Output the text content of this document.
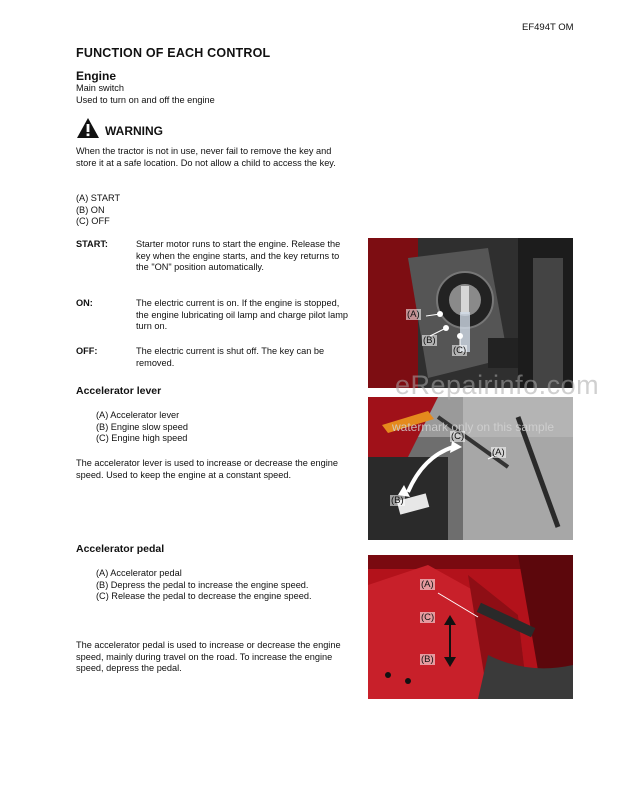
EF494T OM
FUNCTION OF EACH CONTROL
Engine
Main switch
Used to turn on and off the engine
WARNING
When the tractor is not in use, never fail to remove the key and store it at a safe location. Do not allow a child to access the key.
(A) START
(B) ON
(C) OFF
START:	Starter motor runs to start the engine. Release the key when the engine starts, and the key returns to the "ON" position automatically.
ON:	The electric current is on. If the engine is stopped, the engine lubricating oil lamp and charge pilot lamp turn on.
OFF:	The electric current is shut off. The key can be removed.
Accelerator lever
(A) Accelerator lever
(B) Engine slow speed
(C) Engine high speed
The accelerator lever is used to increase or decrease the engine speed. Used to keep the engine at a constant speed.
Accelerator pedal
(A) Accelerator pedal
(B) Depress the pedal to increase the engine speed.
(C) Release the pedal to decrease the engine speed.
The accelerator pedal is used to increase or decrease the engine speed, mainly during travel on the road. To increase the engine speed, depress the pedal.
(A)
(B)
(C)
(C)
(A)
(B)
(A)
(C)
(B)
eRepairinfo.com
watermark only on this sample
